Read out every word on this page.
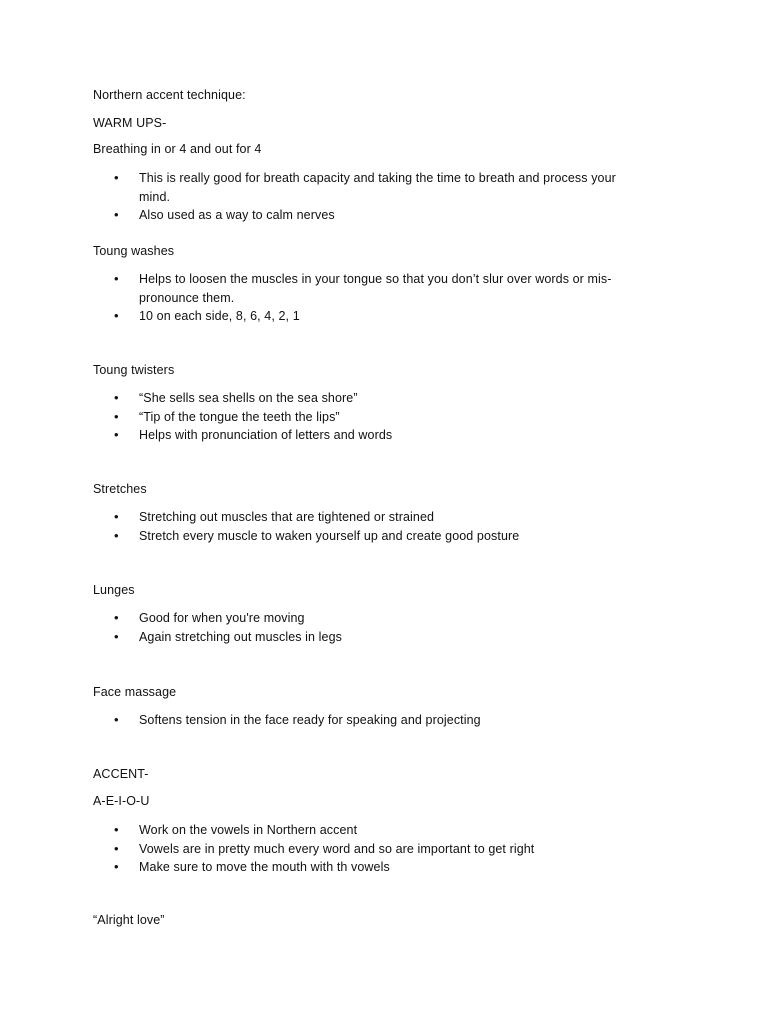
Northern accent technique:
WARM UPS-
Breathing in or 4 and out for 4
• This is really good for breath capacity and taking the time to breath and process your mind.
• Also used as a way to calm nerves
Toung washes
• Helps to loosen the muscles in your tongue so that you don’t slur over words or mis-pronounce them.
• 10 on each side, 8, 6, 4, 2, 1
Toung twisters
• “She sells sea shells on the sea shore”
• “Tip of the tongue the teeth the lips”
• Helps with pronunciation of letters and words
Stretches
• Stretching out muscles that are tightened or strained
• Stretch every muscle to waken yourself up and create good posture
Lunges
• Good for when you're moving
• Again stretching out muscles in legs
Face massage
• Softens tension in the face ready for speaking and projecting
ACCENT-
A-E-I-O-U
• Work on the vowels in Northern accent
• Vowels are in pretty much every word and so are important to get right
• Make sure to move the mouth with th vowels
“Alright love”
